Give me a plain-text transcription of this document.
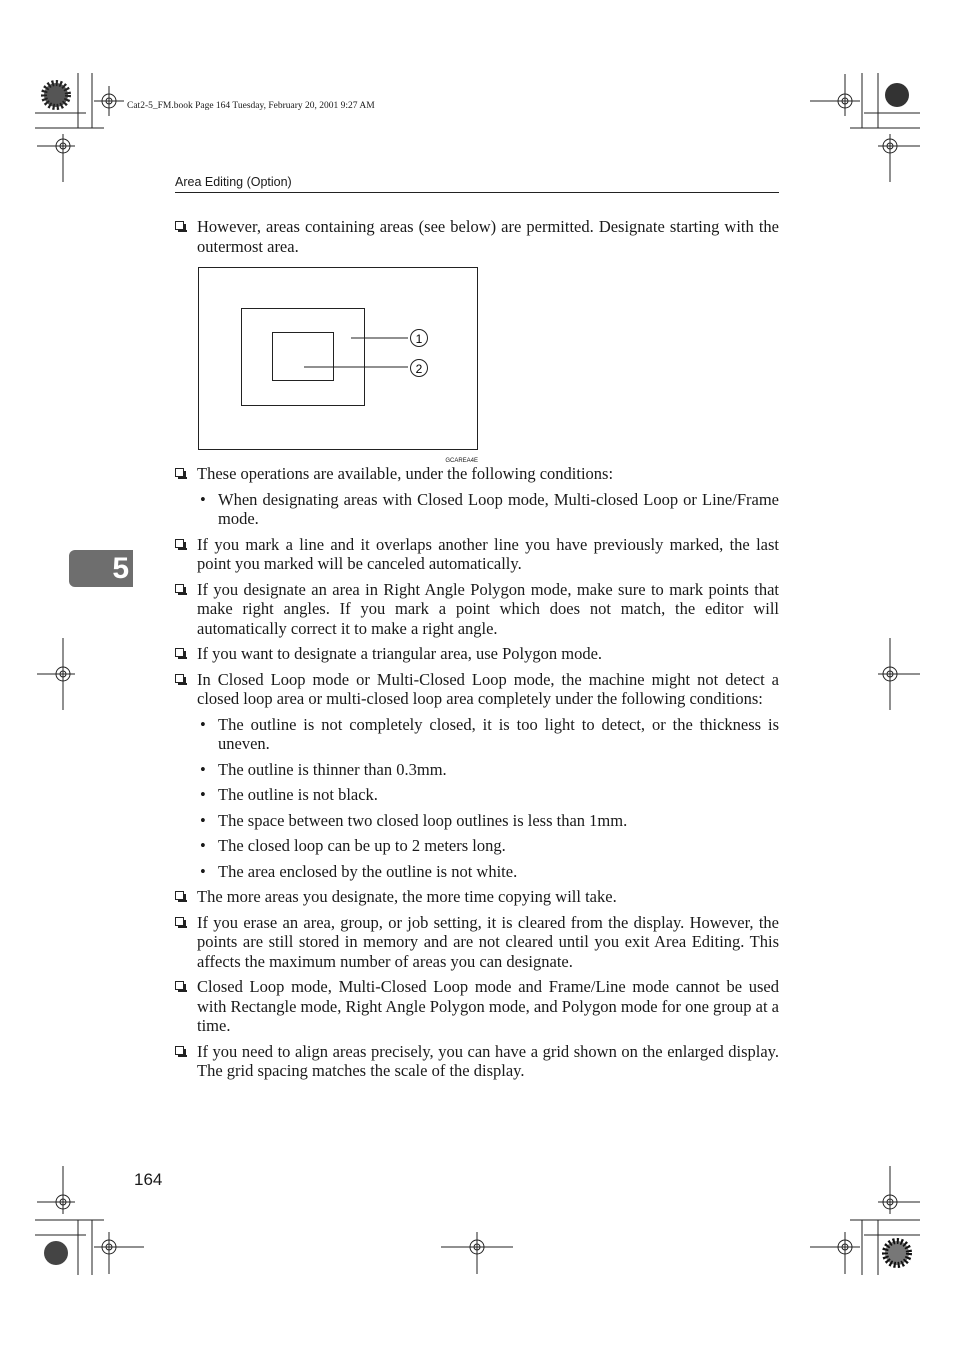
Cat2-5_FM.book Page 164 Tuesday, February 20, 2001 9:27 AM
Area Editing (Option)
5
However, areas containing areas (see below) are permitted. Designate starting with the outermost area.
1
2
GCAREA4E
These operations are available, under the following conditions:
• When designating areas with Closed Loop mode, Multi-closed Loop or Line/Frame mode.
If you mark a line and it overlaps another line you have previously marked, the last point you marked will be canceled automatically.
If you designate an area in Right Angle Polygon mode, make sure to mark points that make right angles. If you mark a point which does not match, the editor will automatically correct it to make a right angle.
If you want to designate a triangular area, use Polygon mode.
In Closed Loop mode or Multi-Closed Loop mode, the machine might not detect a closed loop area or multi-closed loop area completely under the following conditions:
• The outline is not completely closed, it is too light to detect, or the thickness is uneven.
• The outline is thinner than 0.3mm.
• The outline is not black.
• The space between two closed loop outlines is less than 1mm.
• The closed loop can be up to 2 meters long.
• The area enclosed by the outline is not white.
The more areas you designate, the more time copying will take.
If you erase an area, group, or job setting, it is cleared from the display. However, the points are still stored in memory and are not cleared until you exit Area Editing. This affects the maximum number of areas you can designate.
Closed Loop mode, Multi-Closed Loop mode and Frame/Line mode cannot be used with Rectangle mode, Right Angle Polygon mode, and Polygon mode for one group at a time.
If you need to align areas precisely, you can have a grid shown on the enlarged display. The grid spacing matches the scale of the display.
164
